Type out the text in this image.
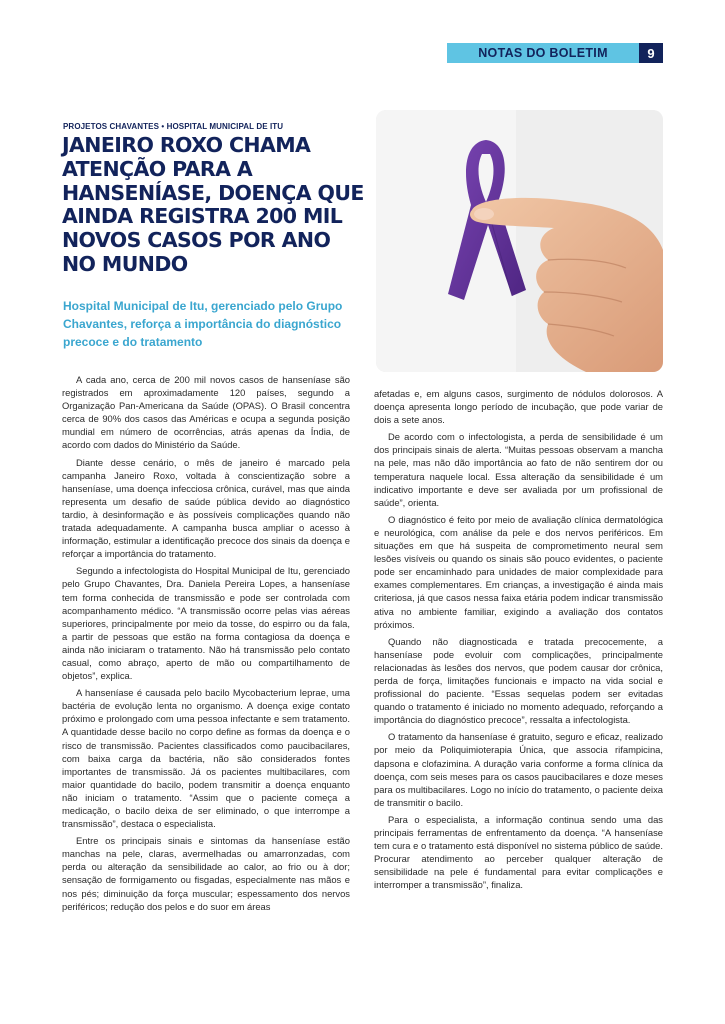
NOTAS DO BOLETIM	9
PROJETOS CHAVANTES • HOSPITAL MUNICIPAL DE ITU
JANEIRO ROXO CHAMA ATENÇÃO PARA A HANSENÍASE, DOENÇA QUE AINDA REGISTRA 200 MIL NOVOS CASOS POR ANO NO MUNDO

Hospital Municipal de Itu, gerenciado pelo Grupo Chavantes, reforça a importância do diagnóstico precoce e do tratamento

A cada ano, cerca de 200 mil novos casos de hanseníase são registrados em aproximadamente 120 países, segundo a Organização Pan-Americana da Saúde (OPAS). O Brasil concentra cerca de 90% dos casos das Américas e ocupa a segunda posição mundial em número de ocorrências, atrás apenas da Índia, de acordo com dados do Ministério da Saúde.

Diante desse cenário, o mês de janeiro é marcado pela campanha Janeiro Roxo, voltada à conscientização sobre a hanseníase, uma doença infecciosa crônica, curável, mas que ainda representa um desafio de saúde pública devido ao diagnóstico tardio, à desinformação e às possíveis complicações quando não tratada adequadamente. A campanha busca ampliar o acesso à informação, estimular a identificação precoce dos sinais da doença e reforçar a importância do tratamento.

Segundo a infectologista do Hospital Municipal de Itu, gerenciado pelo Grupo Chavantes, Dra. Daniela Pereira Lopes, a hanseníase tem forma conhecida de transmissão e pode ser controlada com acompanhamento médico. “A transmissão ocorre pelas vias aéreas superiores, principalmente por meio da tosse, do espirro ou da fala, a partir de pessoas que estão na forma contagiosa da doença e ainda não iniciaram o tratamento. Não há transmissão pelo contato casual, como abraço, aperto de mão ou compartilhamento de objetos”, explica.

A hanseníase é causada pelo bacilo Mycobacterium leprae, uma bactéria de evolução lenta no organismo. A doença exige contato próximo e prolongado com uma pessoa infectante e sem tratamento. A quantidade desse bacilo no corpo define as formas da doença e o risco de transmissão. Pacientes classificados como paucibacilares, com baixa carga da bactéria, não são considerados fontes importantes de transmissão. Já os pacientes multibacilares, com maior quantidade do bacilo, podem transmitir a doença enquanto não iniciam o tratamento. “Assim que o paciente começa a medicação, o bacilo deixa de ser eliminado, o que interrompe a transmissão”, destaca o especialista.

Entre os principais sinais e sintomas da hanseníase estão manchas na pele, claras, avermelhadas ou amarronzadas, com perda ou alteração da sensibilidade ao calor, ao frio ou à dor; sensação de formigamento ou fisgadas, especialmente nas mãos e nos pés; diminuição da força muscular; espessamento dos nervos periféricos; redução dos pelos e do suor em áreas

afetadas e, em alguns casos, surgimento de nódulos dolorosos. A doença apresenta longo período de incubação, que pode variar de dois a sete anos.

De acordo com o infectologista, a perda de sensibilidade é um dos principais sinais de alerta. “Muitas pessoas observam a mancha na pele, mas não dão importância ao fato de não sentirem dor ou temperatura naquele local. Essa alteração da sensibilidade é um indicativo importante e deve ser avaliada por um profissional de saúde”, orienta.

O diagnóstico é feito por meio de avaliação clínica dermatológica e neurológica, com análise da pele e dos nervos periféricos. Em situações em que há suspeita de comprometimento neural sem lesões visíveis ou quando os sinais são pouco evidentes, o paciente pode ser encaminhado para unidades de maior complexidade para exames complementares. Em crianças, a investigação é ainda mais criteriosa, já que casos nessa faixa etária podem indicar transmissão ativa no ambiente familiar, exigindo a avaliação dos contatos próximos.

Quando não diagnosticada e tratada precocemente, a hanseníase pode evoluir com complicações, principalmente relacionadas às lesões dos nervos, que podem causar dor crônica, perda de força, limitações funcionais e impacto na vida social e profissional do paciente. “Essas sequelas podem ser evitadas quando o tratamento é iniciado no momento adequado, reforçando a importância do diagnóstico precoce”, ressalta a infectologista.

O tratamento da hanseníase é gratuito, seguro e eficaz, realizado por meio da Poliquimioterapia Única, que associa rifampicina, dapsona e clofazimina. A duração varia conforme a forma clínica da doença, com seis meses para os casos paucibacilares e doze meses para os multibacilares. Logo no início do tratamento, o paciente deixa de transmitir o bacilo.

Para o especialista, a informação continua sendo uma das principais ferramentas de enfrentamento da doença. “A hanseníase tem cura e o tratamento está disponível no sistema público de saúde. Procurar atendimento ao perceber qualquer alteração de sensibilidade na pele é fundamental para evitar complicações e interromper a transmissão”, finaliza.
